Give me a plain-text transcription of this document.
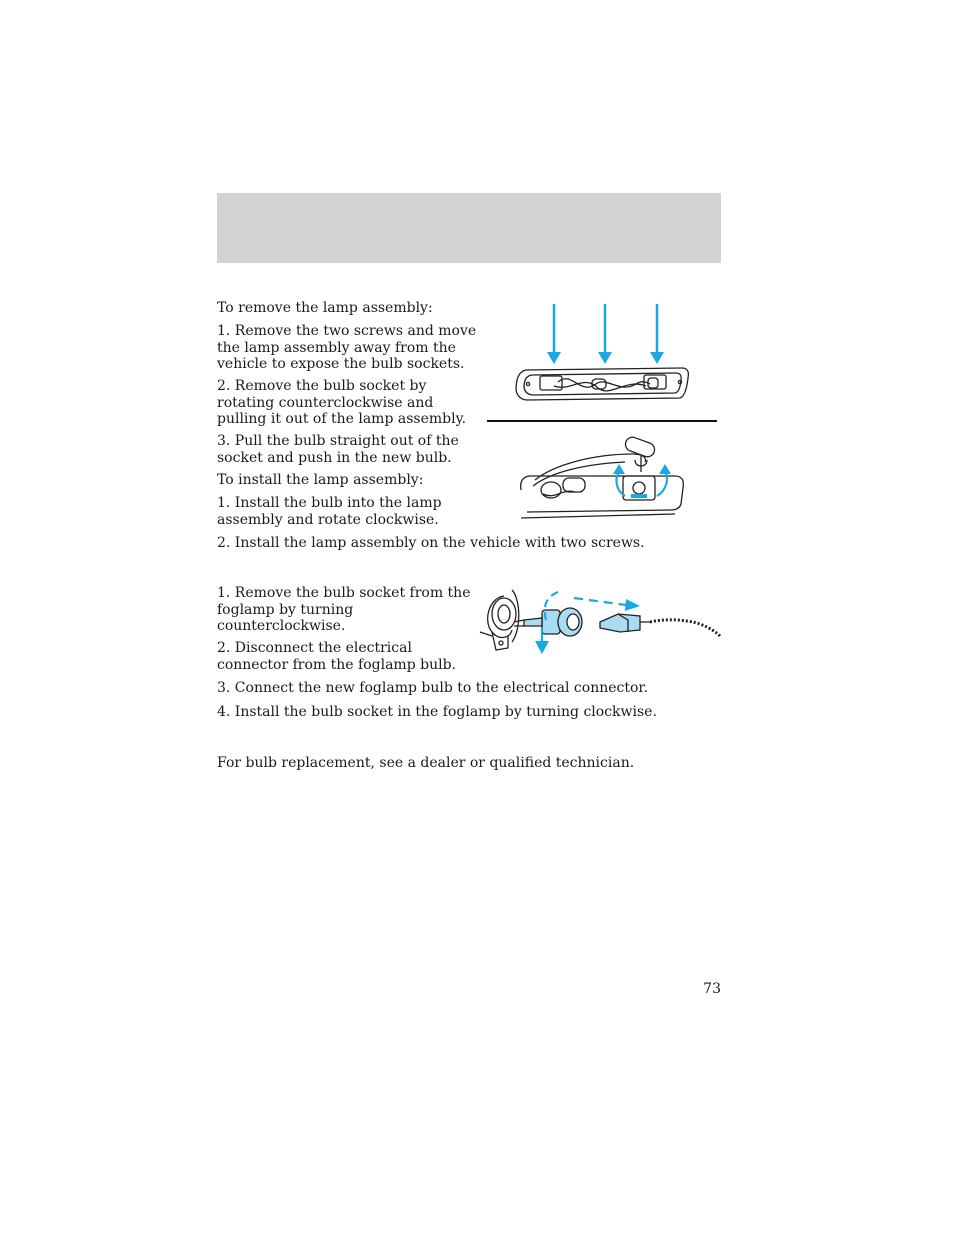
To remove the lamp assembly:

1. Remove the two screws and move
the lamp assembly away from the
vehicle to expose the bulb sockets.

2. Remove the bulb socket by
rotating counterclockwise and
pulling it out of the lamp assembly.

3. Pull the bulb straight out of the
socket and push in the new bulb.

To install the lamp assembly:

1. Install the bulb into the lamp
assembly and rotate clockwise.

2. Install the lamp assembly on the vehicle with two screws.

1. Remove the bulb socket from the
foglamp by turning
counterclockwise.

2. Disconnect the electrical
connector from the foglamp bulb.

3. Connect the new foglamp bulb to the electrical connector.

4. Install the bulb socket in the foglamp by turning clockwise.

For bulb replacement, see a dealer or qualified technician.

73
